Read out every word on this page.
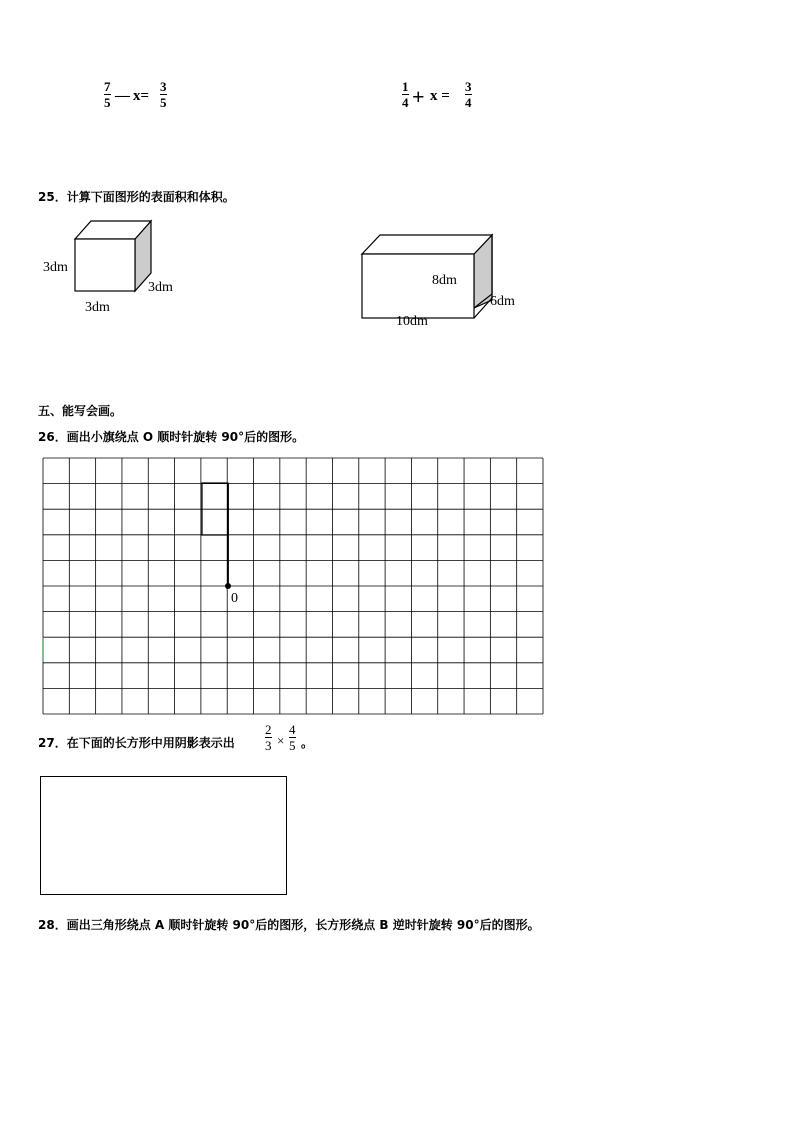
7
5 — x=
3
5
1
4 + x =
3
4
25．计算下面图形的表面积和体积。
3dm
3dm
3dm	8dm
10dm
6dm
五、能写会画。
26．画出小旗绕点 O 顺时针旋转 90°后的图形。
0
27．在下面的长方形中用阴影表示出
2
3 ×
4
5 。
28．画出三角形绕点 A 顺时针旋转 90°后的图形，长方形绕点 B 逆时针旋转 90°后的图形。
